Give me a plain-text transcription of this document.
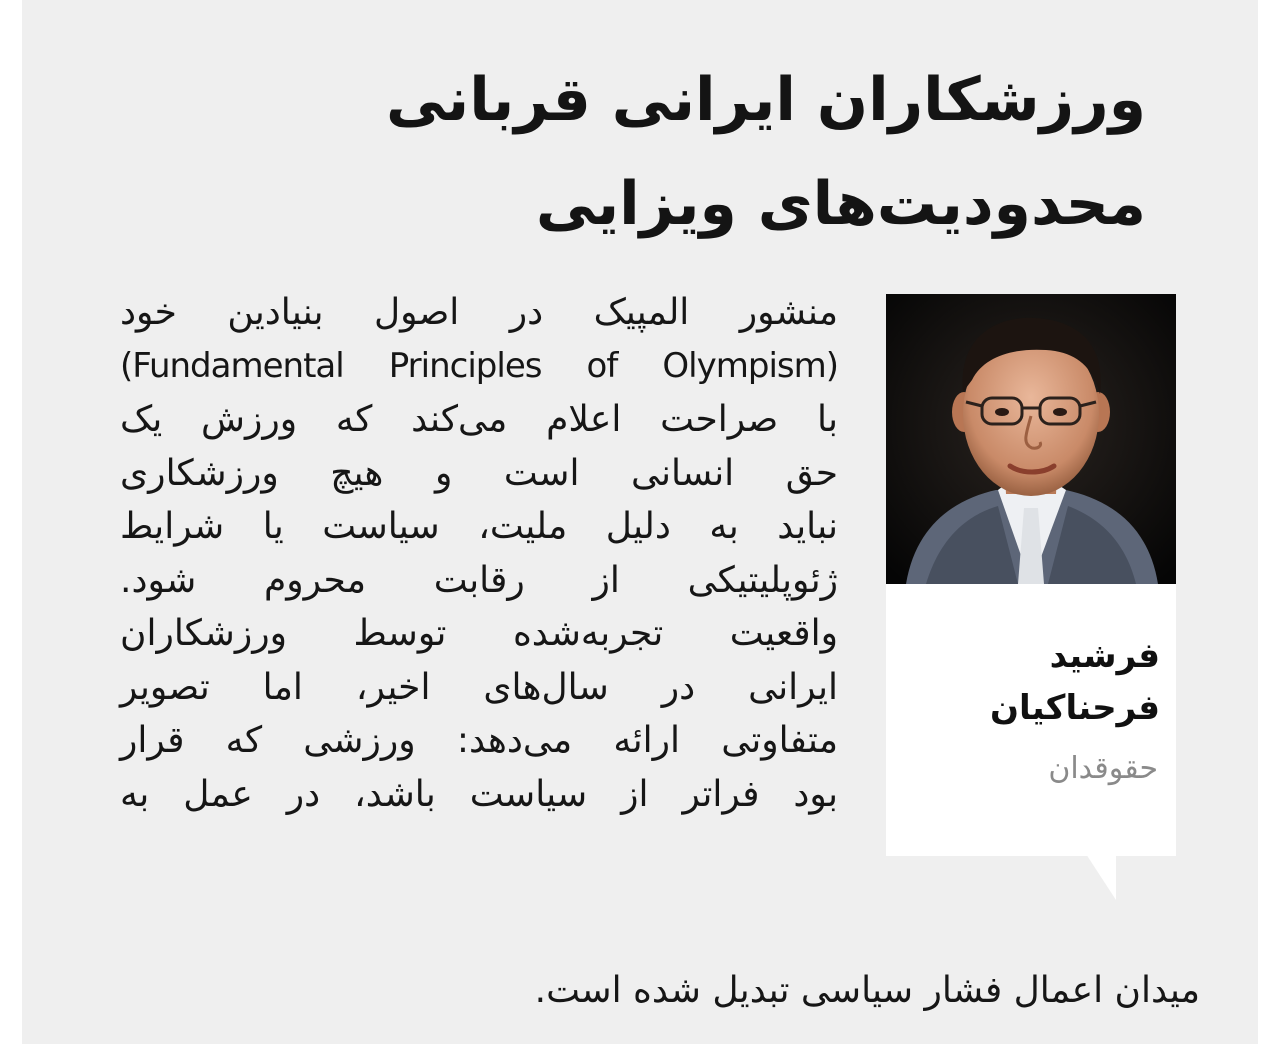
ورزشکاران ایرانی قربانی
محدودیت‌های ویزایی
منشور المپیک در اصول بنیادین خود
(Fundamental Principles of Olympism)
با صراحت اعلام می‌کند که ورزش یک
حق انسانی است و هیچ ورزشکاری
نباید به دلیل ملیت، سیاست یا شرایط
ژئوپلیتیکی از رقابت محروم شود.
واقعیت تجربه‌شده توسط ورزشکاران
ایرانی در سال‌های اخیر، اما تصویر
متفاوتی ارائه می‌دهد: ورزشی که قرار
بود فراتر از سیاست باشد، در عمل به
میدان اعمال فشار سیاسی تبدیل شده است.
فرشید
فرحناکیان
حقوقدان
